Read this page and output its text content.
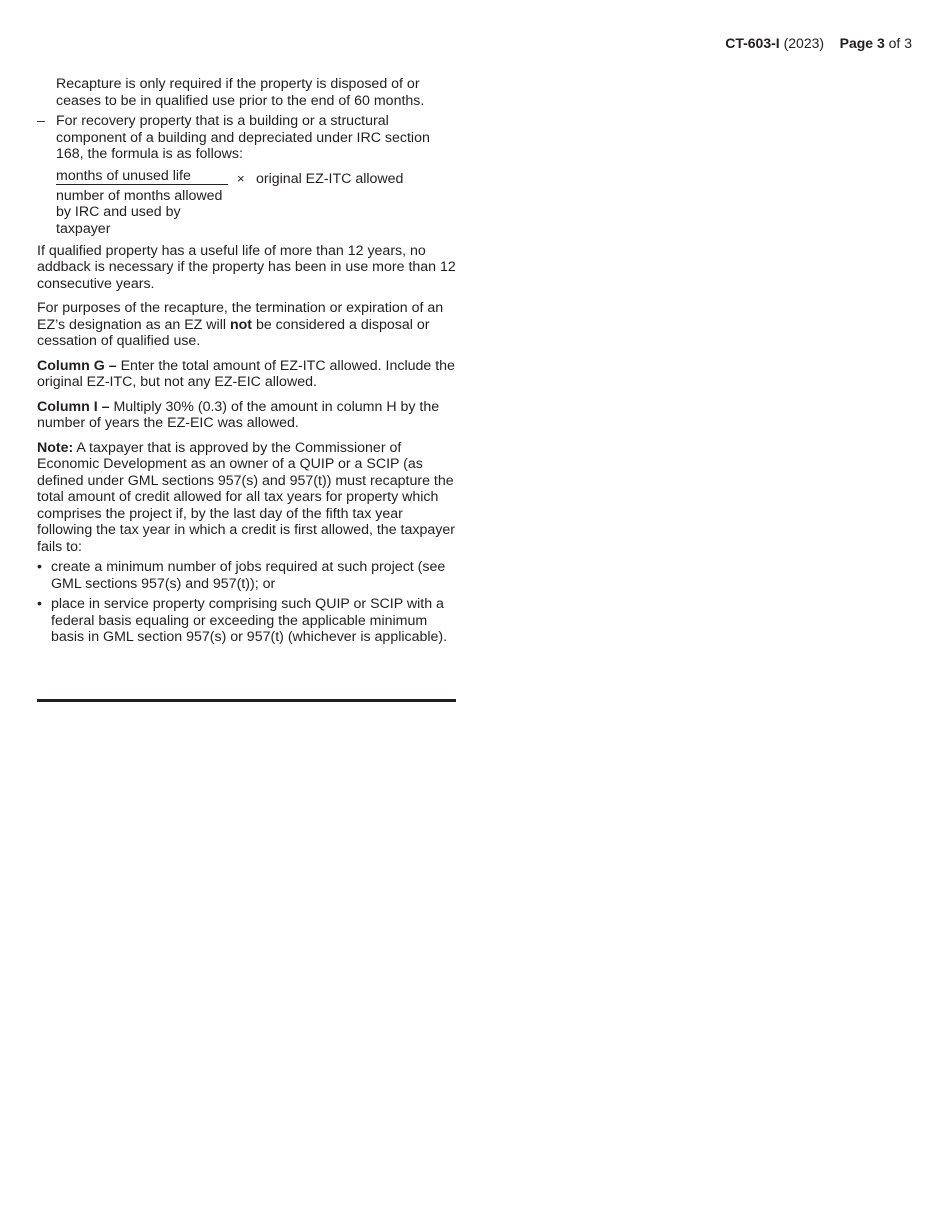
CT-603-I (2023) Page 3 of 3

Recapture is only required if the property is disposed of or ceases to be in qualified use prior to the end of 60 months.

– For recovery property that is a building or a structural component of a building and depreciated under IRC section 168, the formula is as follows:

months of unused life
number of months allowed by IRC and used by taxpayer
× original EZ-ITC allowed

If qualified property has a useful life of more than 12 years, no addback is necessary if the property has been in use more than 12 consecutive years.

For purposes of the recapture, the termination or expiration of an EZ’s designation as an EZ will not be considered a disposal or cessation of qualified use.

Column G – Enter the total amount of EZ-ITC allowed. Include the original EZ-ITC, but not any EZ-EIC allowed.

Column I – Multiply 30% (0.3) of the amount in column H by the number of years the EZ-EIC was allowed.

Note: A taxpayer that is approved by the Commissioner of Economic Development as an owner of a QUIP or a SCIP (as defined under GML sections 957(s) and 957(t)) must recapture the total amount of credit allowed for all tax years for property which comprises the project if, by the last day of the fifth tax year following the tax year in which a credit is first allowed, the taxpayer fails to:

• create a minimum number of jobs required at such project (see GML sections 957(s) and 957(t)); or

• place in service property comprising such QUIP or SCIP with a federal basis equaling or exceeding the applicable minimum basis in GML section 957(s) or 957(t) (whichever is applicable).
